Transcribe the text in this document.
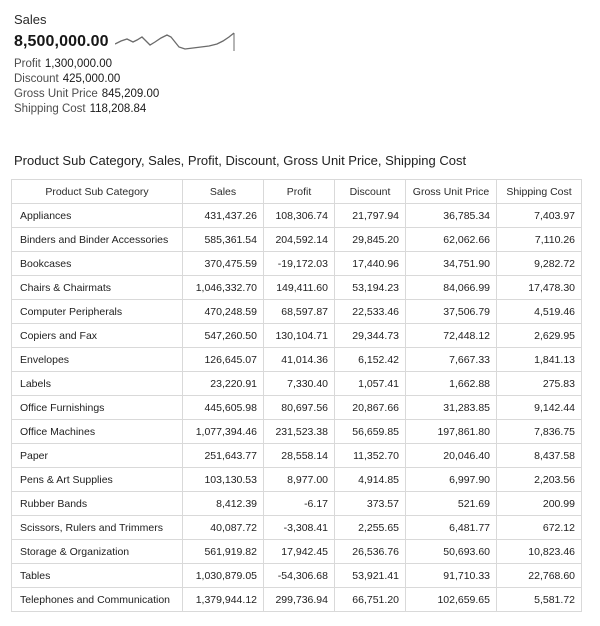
Sales
8,500,000.00
Profit 1,300,000.00
Discount 425,000.00
Gross Unit Price 845,209.00
Shipping Cost 118,208.84
Product Sub Category, Sales, Profit, Discount, Gross Unit Price, Shipping Cost
Product Sub Category	Sales	Profit	Discount	Gross Unit Price	Shipping Cost
Appliances	431,437.26	108,306.74	21,797.94	36,785.34	7,403.97
Binders and Binder Accessories	585,361.54	204,592.14	29,845.20	62,062.66	7,110.26
Bookcases	370,475.59	-19,172.03	17,440.96	34,751.90	9,282.72
Chairs & Chairmats	1,046,332.70	149,411.60	53,194.23	84,066.99	17,478.30
Computer Peripherals	470,248.59	68,597.87	22,533.46	37,506.79	4,519.46
Copiers and Fax	547,260.50	130,104.71	29,344.73	72,448.12	2,629.95
Envelopes	126,645.07	41,014.36	6,152.42	7,667.33	1,841.13
Labels	23,220.91	7,330.40	1,057.41	1,662.88	275.83
Office Furnishings	445,605.98	80,697.56	20,867.66	31,283.85	9,142.44
Office Machines	1,077,394.46	231,523.38	56,659.85	197,861.80	7,836.75
Paper	251,643.77	28,558.14	11,352.70	20,046.40	8,437.58
Pens & Art Supplies	103,130.53	8,977.00	4,914.85	6,997.90	2,203.56
Rubber Bands	8,412.39	-6.17	373.57	521.69	200.99
Scissors, Rulers and Trimmers	40,087.72	-3,308.41	2,255.65	6,481.77	672.12
Storage & Organization	561,919.82	17,942.45	26,536.76	50,693.60	10,823.46
Tables	1,030,879.05	-54,306.68	53,921.41	91,710.33	22,768.60
Telephones and Communication	1,379,944.12	299,736.94	66,751.20	102,659.65	5,581.72
